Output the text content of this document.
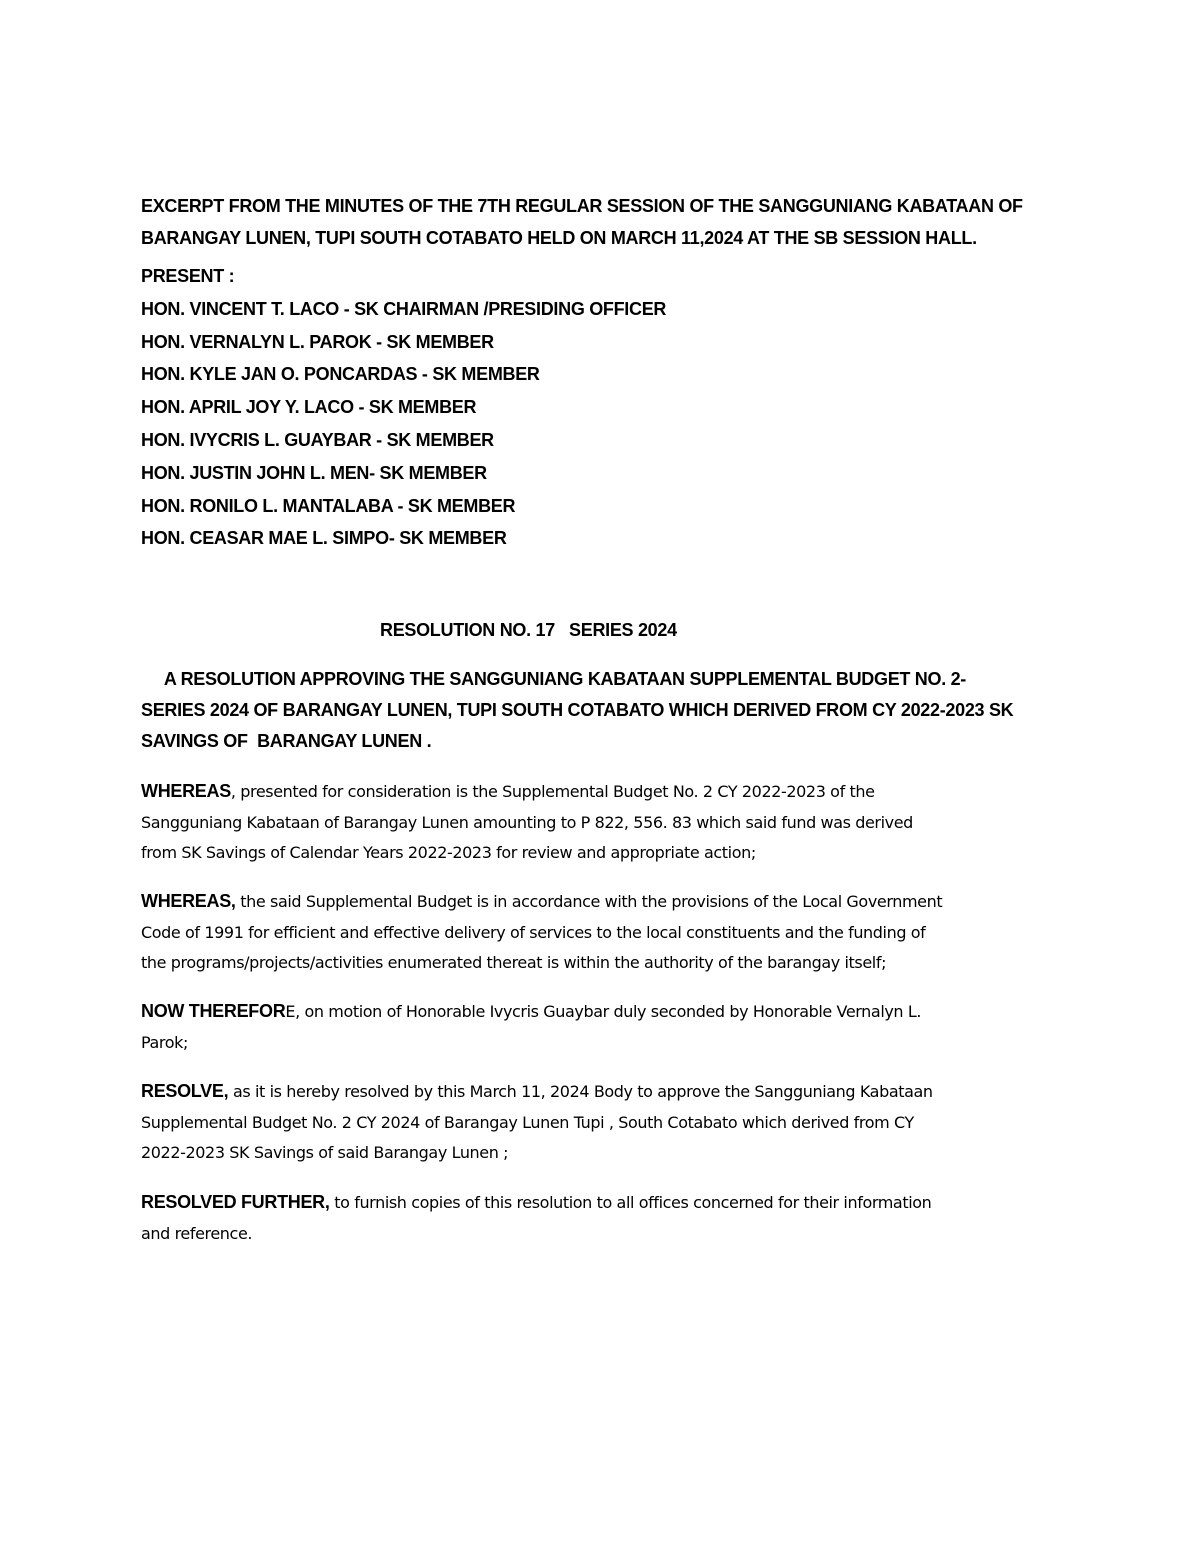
EXCERPT FROM THE MINUTES OF THE 7TH REGULAR SESSION OF THE SANGGUNIANG KABATAAN OF
BARANGAY LUNEN, TUPI SOUTH COTABATO HELD ON MARCH 11,2024 AT THE SB SESSION HALL.
PRESENT :
HON. VINCENT T. LACO - SK CHAIRMAN /PRESIDING OFFICER
HON. VERNALYN L. PAROK - SK MEMBER
HON. KYLE JAN O. PONCARDAS - SK MEMBER
HON. APRIL JOY Y. LACO - SK MEMBER
HON. IVYCRIS L. GUAYBAR - SK MEMBER
HON. JUSTIN JOHN L. MEN- SK MEMBER
HON. RONILO L. MANTALABA - SK MEMBER
HON. CEASAR MAE L. SIMPO- SK MEMBER
RESOLUTION NO. 17   SERIES 2024
A RESOLUTION APPROVING THE SANGGUNIANG KABATAAN SUPPLEMENTAL BUDGET NO. 2-
SERIES 2024 OF BARANGAY LUNEN, TUPI SOUTH COTABATO WHICH DERIVED FROM CY 2022-2023 SK
SAVINGS OF  BARANGAY LUNEN .
WHEREAS, presented for consideration is the Supplemental Budget No. 2 CY 2022-2023 of the
Sangguniang Kabataan of Barangay Lunen amounting to P 822, 556. 83 which said fund was derived
from SK Savings of Calendar Years 2022-2023 for review and appropriate action;
WHEREAS, the said Supplemental Budget is in accordance with the provisions of the Local Government
Code of 1991 for efficient and effective delivery of services to the local constituents and the funding of
the programs/projects/activities enumerated thereat is within the authority of the barangay itself;
NOW THEREFORE, on motion of Honorable Ivycris Guaybar duly seconded by Honorable Vernalyn L.
Parok;
RESOLVE, as it is hereby resolved by this March 11, 2024 Body to approve the Sangguniang Kabataan
Supplemental Budget No. 2 CY 2024 of Barangay Lunen Tupi , South Cotabato which derived from CY
2022-2023 SK Savings of said Barangay Lunen ;
RESOLVED FURTHER, to furnish copies of this resolution to all offices concerned for their information
and reference.
